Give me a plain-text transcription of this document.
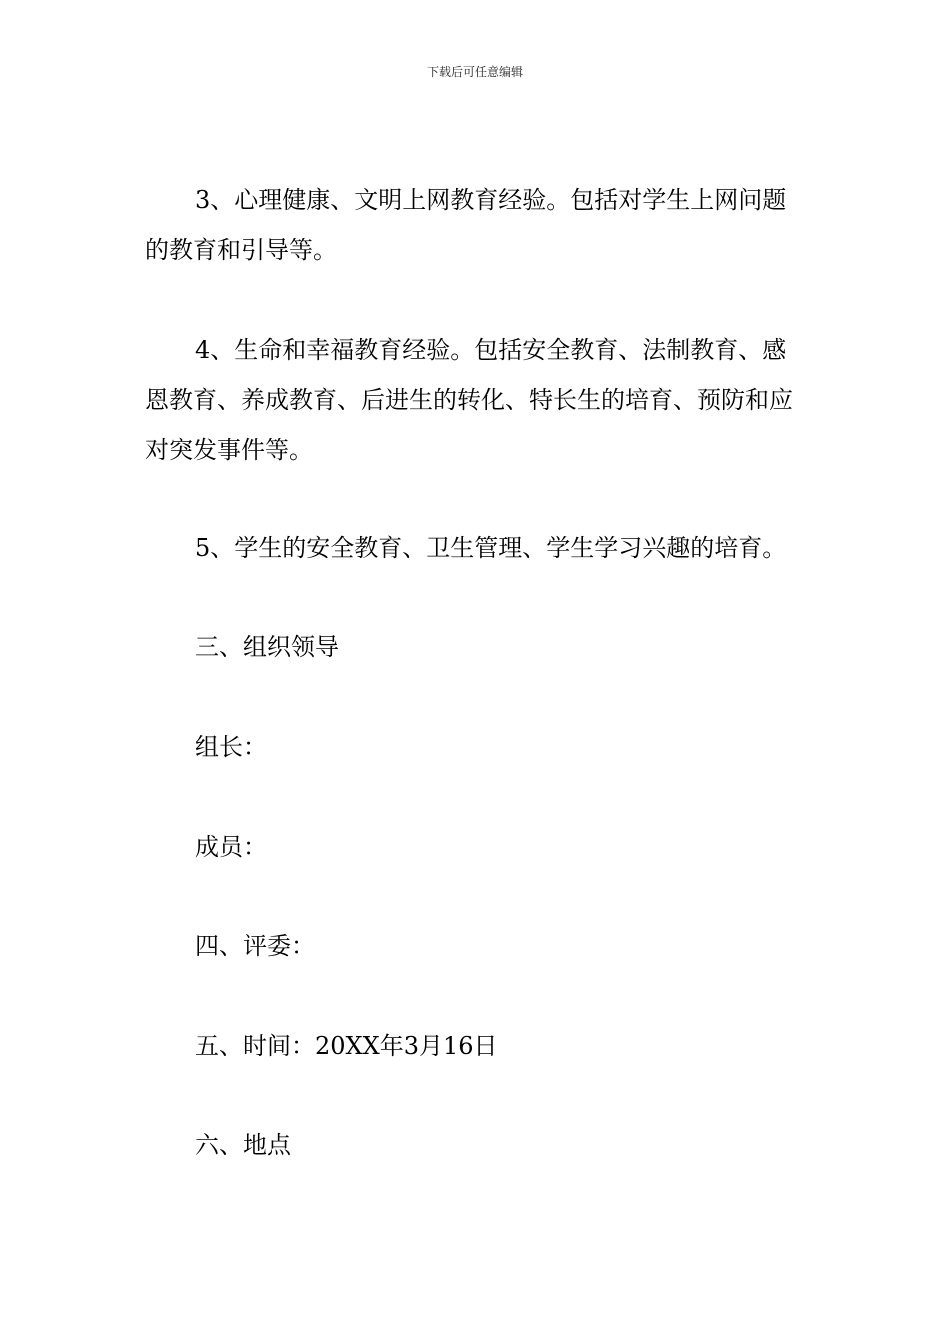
下载后可任意编辑

3、心理健康、文明上网教育经验。包括对学生上网问题的教育和引导等。

4、生命和幸福教育经验。包括安全教育、法制教育、感恩教育、养成教育、后进生的转化、特长生的培育、预防和应对突发事件等。

5、学生的安全教育、卫生管理、学生学习兴趣的培育。

三、组织领导

组长：

成员：

四、评委：

五、时间：20XX年3月16日

六、地点
